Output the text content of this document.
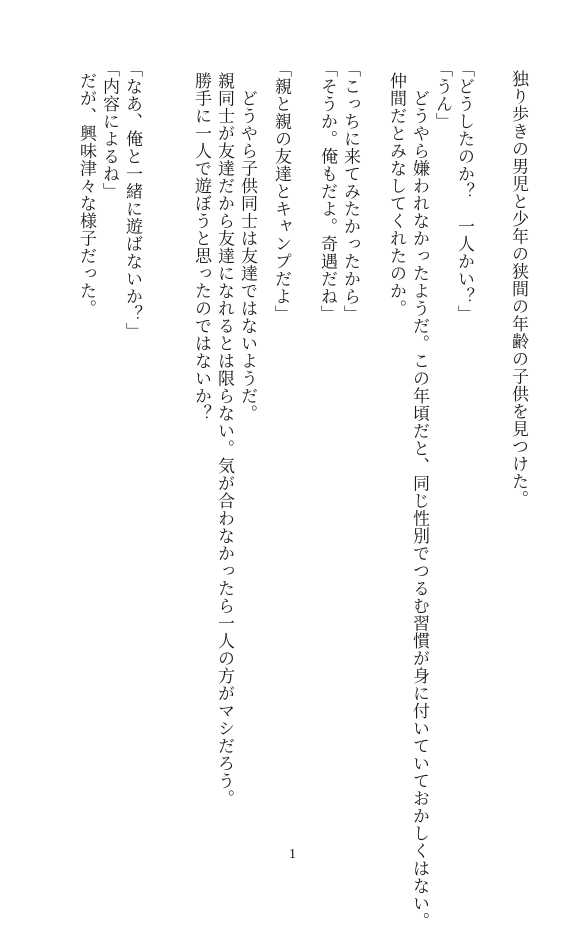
独り歩きの男児と少年の狭間の年齢の子供を見つけた。

「どうしたのか？　一人かい？」

「うん」

　どうやら嫌われなかったようだ。この年頃だと、同じ性別でつるむ習慣が身に付いていておかしくはない。

仲間だとみなしてくれたのか。

「こっちに来てみたかったから」

「そうか。俺もだよ。奇遇だね」

「親と親の友達とキャンプだよ」

　どうやら子供同士は友達ではないようだ。

親同士が友達だから友達になれるとは限らない。気が合わなかったら一人の方がマシだろう。

勝手に一人で遊ぼうと思ったのではないか？

「なあ、俺と一緒に遊ばないか？」

「内容によるね」

だが、興味津々な様子だった。

1
